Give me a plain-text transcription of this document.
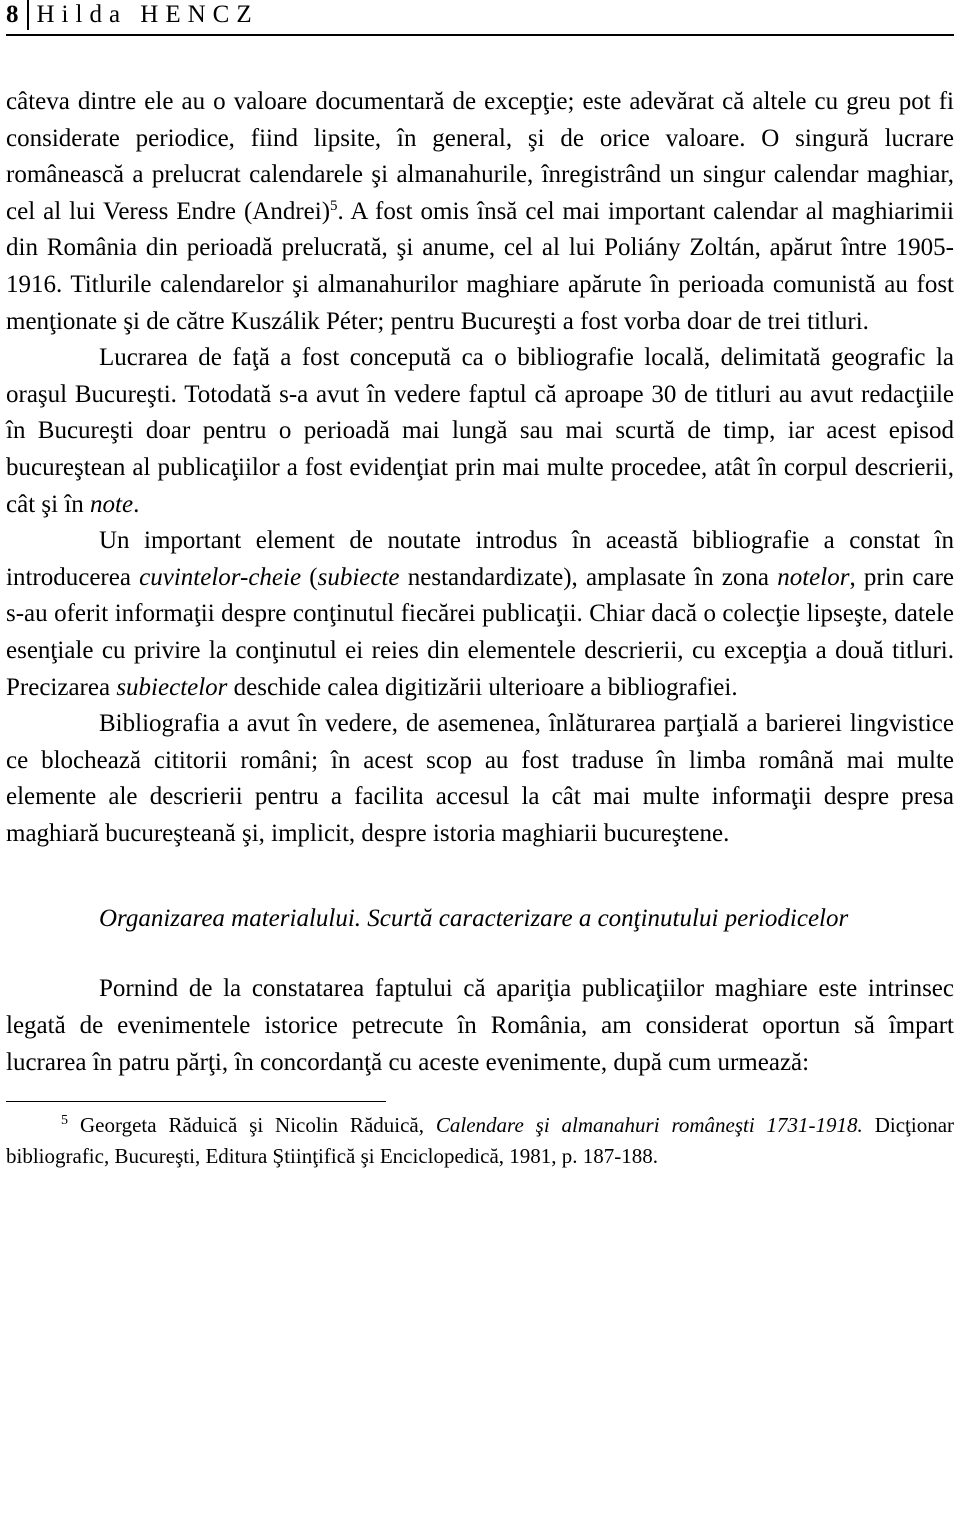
8 Hilda HENCZ

câteva dintre ele au o valoare documentară de excepţie; este adevărat că altele cu greu pot fi considerate periodice, fiind lipsite, în general, şi de orice valoare. O singură lucrare românească a prelucrat calendarele şi almanahurile, înregistrând un singur calendar maghiar, cel al lui Veress Endre (Andrei)$^5$. A fost omis însă cel mai important calendar al maghiarimii din România din perioadă prelucrată, şi anume, cel al lui Poliány Zoltán, apărut între 1905-1916. Titlurile calendarelor şi almanahurilor maghiare apărute în perioada comunistă au fost menţionate şi de către Kuszálik Péter; pentru Bucureşti a fost vorba doar de trei titluri.

Lucrarea de faţă a fost concepută ca o bibliografie locală, delimitată geografic la oraşul Bucureşti. Totodată s-a avut în vedere faptul că aproape 30 de titluri au avut redacţiile în Bucureşti doar pentru o perioadă mai lungă sau mai scurtă de timp, iar acest episod bucureştean al publicaţiilor a fost evidenţiat prin mai multe procedee, atât în corpul descrierii, cât şi în note.

Un important element de noutate introdus în această bibliografie a constat în introducerea cuvintelor-cheie (subiecte nestandardizate), amplasate în zona notelor, prin care s-au oferit informaţii despre conţinutul fiecărei publicaţii. Chiar dacă o colecţie lipseşte, datele esenţiale cu privire la conţinutul ei reies din elementele descrierii, cu excepţia a două titluri. Precizarea subiectelor deschide calea digitizării ulterioare a bibliografiei.

Bibliografia a avut în vedere, de asemenea, înlăturarea parţială a barierei lingvistice ce blochează cititorii români; în acest scop au fost traduse în limba română mai multe elemente ale descrierii pentru a facilita accesul la cât mai multe informaţii despre presa maghiară bucureşteană şi, implicit, despre istoria maghiarii bucureştene.

Organizarea materialului. Scurtă caracterizare a conţinutului periodicelor

Pornind de la constatarea faptului că apariţia publicaţiilor maghiare este intrinsec legată de evenimentele istorice petrecute în România, am considerat oportun să împart lucrarea în patru părţi, în concordanţă cu aceste evenimente, după cum urmează:

5 Georgeta Răduică şi Nicolin Răduică, Calendare şi almanahuri româneşti 1731-1918. Dicţionar bibliografic, Bucureşti, Editura Ştiinţifică şi Enciclopedică, 1981, p. 187-188.
